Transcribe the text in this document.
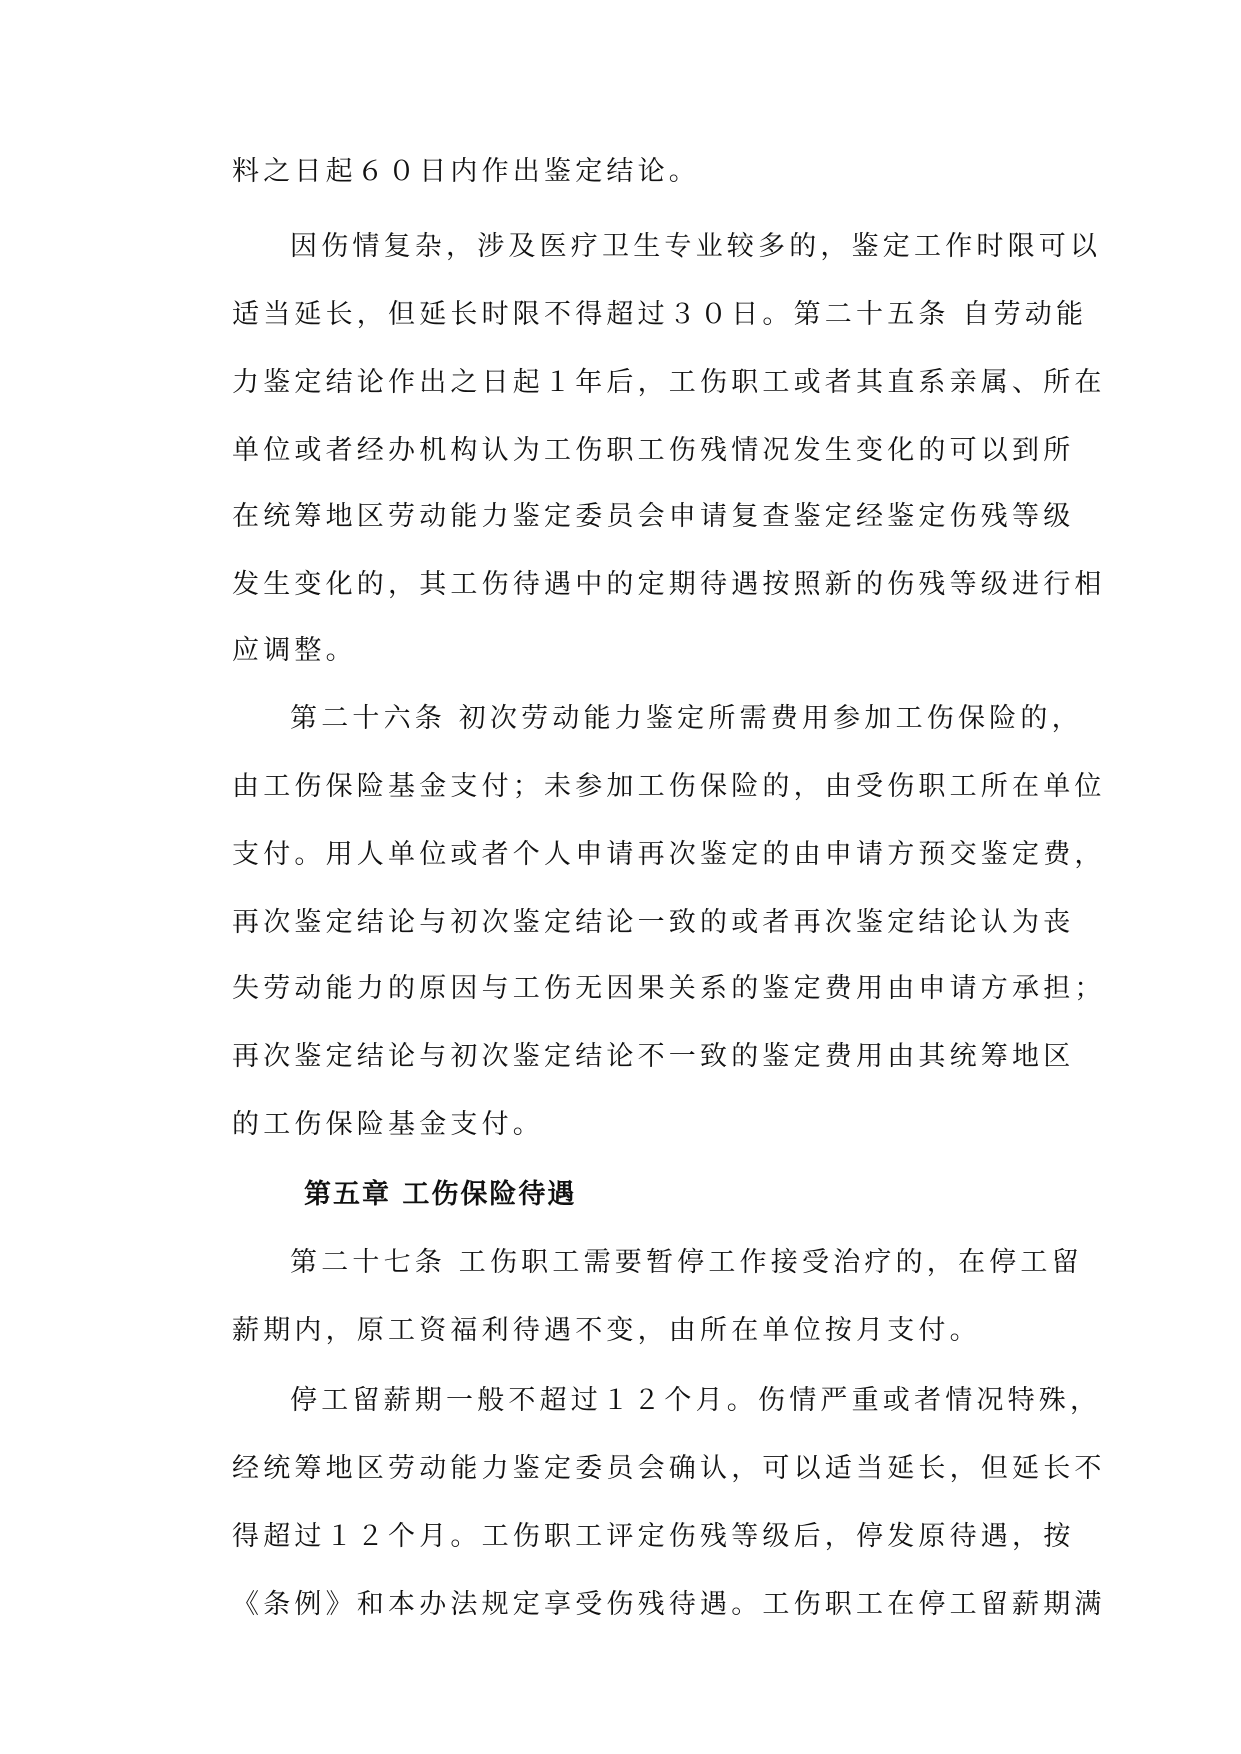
料之日起６０日内作出鉴定结论。
因伤情复杂，涉及医疗卫生专业较多的，鉴定工作时限可以
适当延长，但延长时限不得超过３０日。第二十五条 自劳动能
力鉴定结论作出之日起１年后，工伤职工或者其直系亲属、所在
单位或者经办机构认为工伤职工伤残情况发生变化的可以到所
在统筹地区劳动能力鉴定委员会申请复查鉴定经鉴定伤残等级
发生变化的，其工伤待遇中的定期待遇按照新的伤残等级进行相
应调整。
第二十六条 初次劳动能力鉴定所需费用参加工伤保险的，
由工伤保险基金支付；未参加工伤保险的，由受伤职工所在单位
支付。用人单位或者个人申请再次鉴定的由申请方预交鉴定费，
再次鉴定结论与初次鉴定结论一致的或者再次鉴定结论认为丧
失劳动能力的原因与工伤无因果关系的鉴定费用由申请方承担；
再次鉴定结论与初次鉴定结论不一致的鉴定费用由其统筹地区
的工伤保险基金支付。
第五章 工伤保险待遇
第二十七条 工伤职工需要暂停工作接受治疗的，在停工留
薪期内，原工资福利待遇不变，由所在单位按月支付。
停工留薪期一般不超过１２个月。伤情严重或者情况特殊，
经统筹地区劳动能力鉴定委员会确认，可以适当延长，但延长不
得超过１２个月。工伤职工评定伤残等级后，停发原待遇，按
《条例》和本办法规定享受伤残待遇。工伤职工在停工留薪期满
